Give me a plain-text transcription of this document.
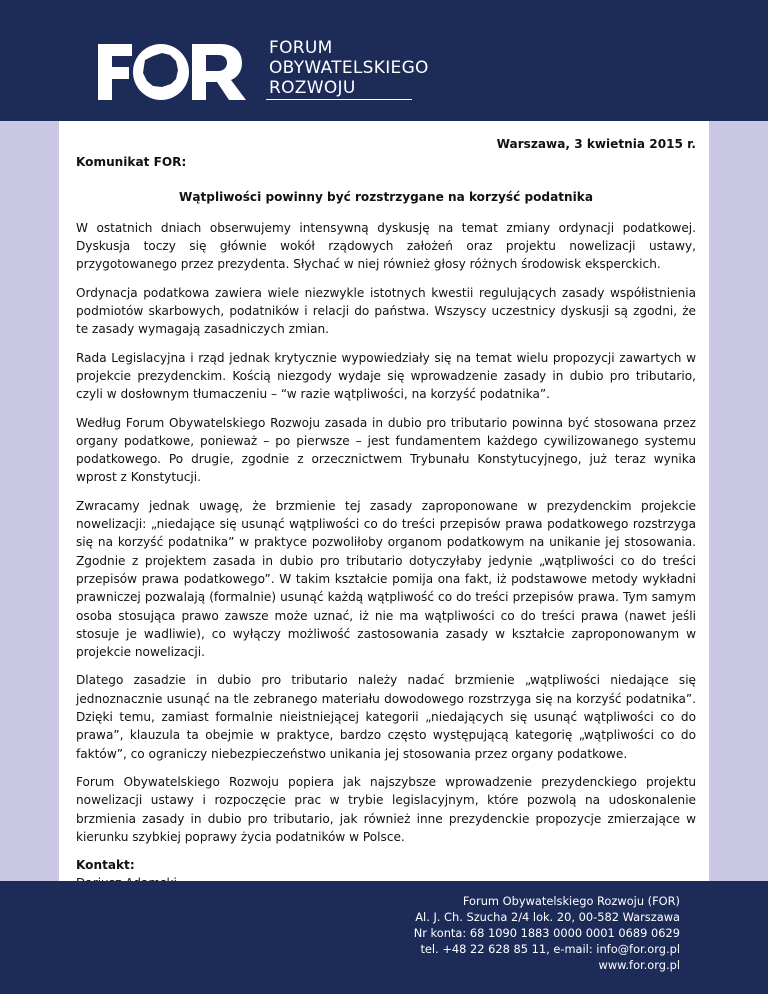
FORUM
OBYWATELSKIEGO
ROZWOJU

Warszawa, 3 kwietnia 2015 r.

Komunikat FOR:

Wątpliwości powinny być rozstrzygane na korzyść podatnika

W ostatnich dniach obserwujemy intensywną dyskusję na temat zmiany ordynacji podatkowej. Dyskusja toczy się głównie wokół rządowych założeń oraz projektu nowelizacji ustawy, przygotowanego przez prezydenta. Słychać w niej również głosy różnych środowisk eksperckich.

Ordynacja podatkowa zawiera wiele niezwykle istotnych kwestii regulujących zasady współistnienia podmiotów skarbowych, podatników i relacji do państwa. Wszyscy uczestnicy dyskusji są zgodni, że te zasady wymagają zasadniczych zmian.

Rada Legislacyjna i rząd jednak krytycznie wypowiedziały się na temat wielu propozycji zawartych w projekcie prezydenckim. Kością niezgody wydaje się wprowadzenie zasady in dubio pro tributario, czyli w dosłownym tłumaczeniu – “w razie wątpliwości, na korzyść podatnika”.

Według Forum Obywatelskiego Rozwoju zasada in dubio pro tributario powinna być stosowana przez organy podatkowe, ponieważ – po pierwsze – jest fundamentem każdego cywilizowanego systemu podatkowego. Po drugie, zgodnie z orzecznictwem Trybunału Konstytucyjnego, już teraz wynika wprost z Konstytucji.

Zwracamy jednak uwagę, że brzmienie tej zasady zaproponowane w prezydenckim projekcie nowelizacji: „niedające się usunąć wątpliwości co do treści przepisów prawa podatkowego rozstrzyga się na korzyść podatnika” w praktyce pozwoliłoby organom podatkowym na unikanie jej stosowania. Zgodnie z projektem zasada in dubio pro tributario dotyczyłaby jedynie „wątpliwości co do treści przepisów prawa podatkowego”. W takim kształcie pomija ona fakt, iż podstawowe metody wykładni prawniczej pozwalają (formalnie) usunąć każdą wątpliwość co do treści przepisów prawa. Tym samym osoba stosująca prawo zawsze może uznać, iż nie ma wątpliwości co do treści prawa (nawet jeśli stosuje je wadliwie), co wyłączy możliwość zastosowania zasady w kształcie zaproponowanym w projekcie nowelizacji.

Dlatego zasadzie in dubio pro tributario należy nadać brzmienie „wątpliwości niedające się jednoznacznie usunąć na tle zebranego materiału dowodowego rozstrzyga się na korzyść podatnika”. Dzięki temu, zamiast formalnie nieistniejącej kategorii „niedających się usunąć wątpliwości co do prawa”, klauzula ta obejmie w praktyce, bardzo często występującą kategorię „wątpliwości co do faktów”, co ograniczy niebezpieczeństwo unikania jej stosowania przez organy podatkowe.

Forum Obywatelskiego Rozwoju popiera jak najszybsze wprowadzenie prezydenckiego projektu nowelizacji ustawy i rozpoczęcie prac w trybie legislacyjnym, które pozwolą na udoskonalenie brzmienia zasady in dubio pro tributario, jak również inne prezydenckie propozycje zmierzające w kierunku szybkiej poprawy życia podatników w Polsce.

Kontakt:

Forum Obywatelskiego Rozwoju (FOR)
Al. J. Ch. Szucha 2/4 lok. 20, 00-582 Warszawa
Nr konta: 68 1090 1883 0000 0001 0689 0629
tel. +48 22 628 85 11, e-mail: info@for.org.pl
www.for.org.pl
